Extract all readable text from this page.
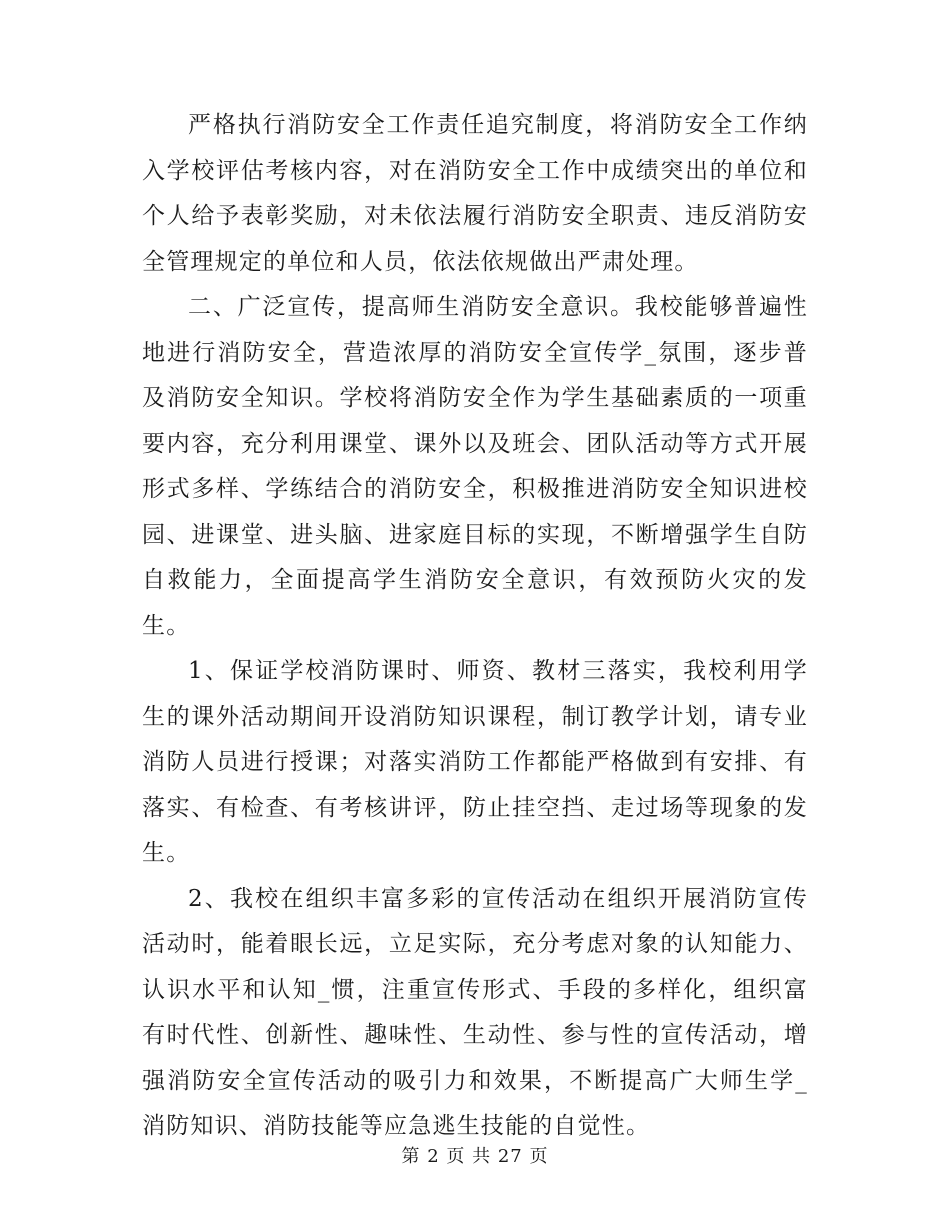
严格执行消防安全工作责任追究制度，将消防安全工作纳入学校评估考核内容，对在消防安全工作中成绩突出的单位和个人给予表彰奖励，对未依法履行消防安全职责、违反消防安全管理规定的单位和人员，依法依规做出严肃处理。

二、广泛宣传，提高师生消防安全意识。我校能够普遍性地进行消防安全，营造浓厚的消防安全宣传学_氛围，逐步普及消防安全知识。学校将消防安全作为学生基础素质的一项重要内容，充分利用课堂、课外以及班会、团队活动等方式开展形式多样、学练结合的消防安全，积极推进消防安全知识进校园、进课堂、进头脑、进家庭目标的实现，不断增强学生自防自救能力，全面提高学生消防安全意识，有效预防火灾的发生。

1、保证学校消防课时、师资、教材三落实，我校利用学生的课外活动期间开设消防知识课程，制订教学计划，请专业消防人员进行授课；对落实消防工作都能严格做到有安排、有落实、有检查、有考核讲评，防止挂空挡、走过场等现象的发生。

2、我校在组织丰富多彩的宣传活动在组织开展消防宣传活动时，能着眼长远，立足实际，充分考虑对象的认知能力、认识水平和认知_惯，注重宣传形式、手段的多样化，组织富有时代性、创新性、趣味性、生动性、参与性的宣传活动，增强消防安全宣传活动的吸引力和效果，不断提高广大师生学_消防知识、消防技能等应急逃生技能的自觉性。

第 2 页 共 27 页
